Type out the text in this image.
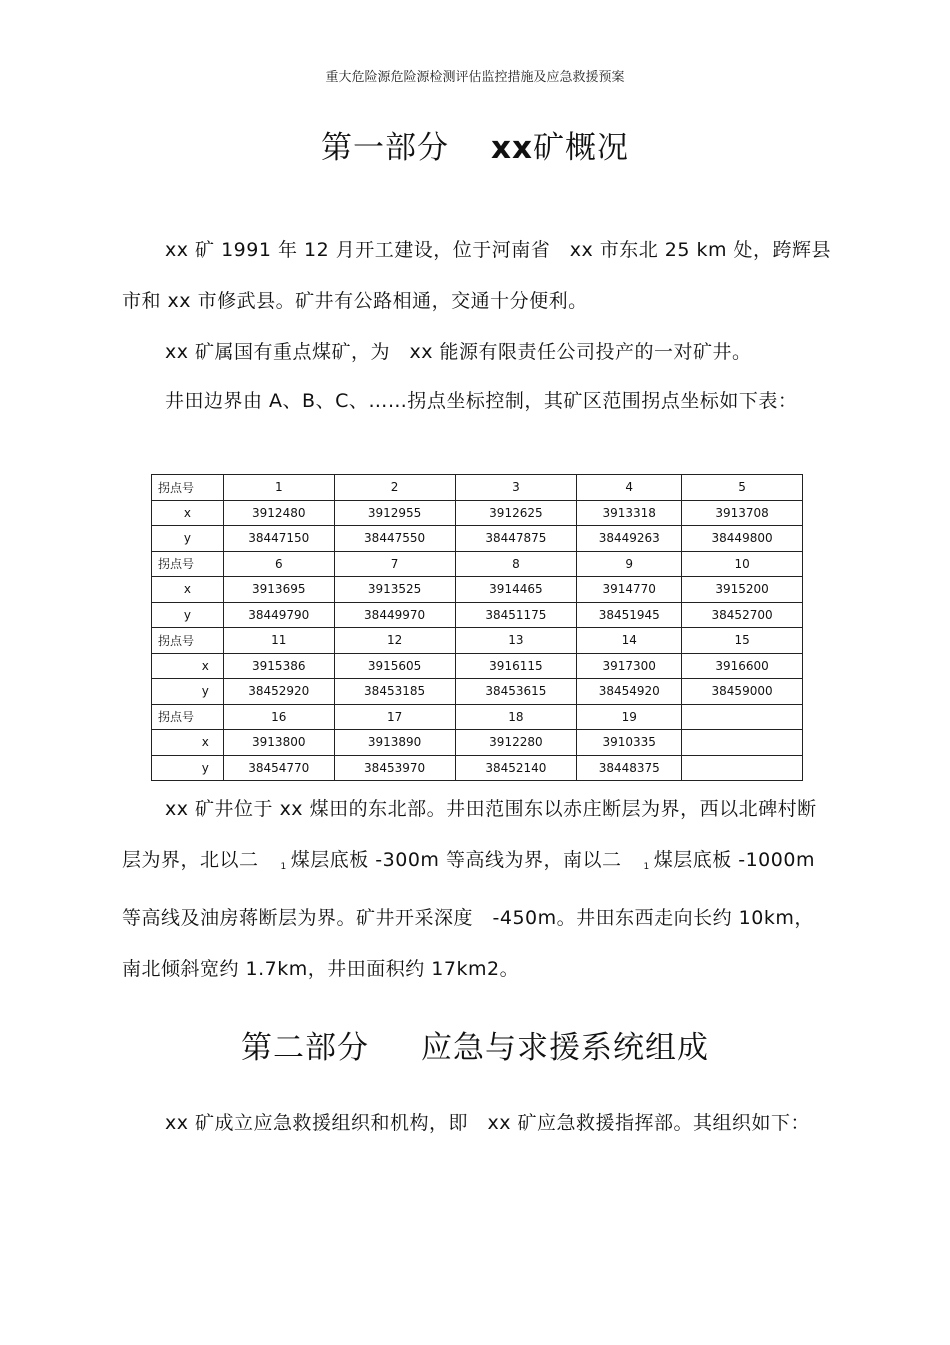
重大危险源危险源检测评估监控措施及应急救援预案
第一部分 xx矿概况

xx 矿 1991 年 12 月开工建设，位于河南省　xx 市东北 25 km 处，跨辉县市和 xx 市修武县。矿井有公路相通，交通十分便利。

xx 矿属国有重点煤矿，为　xx 能源有限责任公司投产的一对矿井。

井田边界由 A、B、C、……拐点坐标控制，其矿区范围拐点坐标如下表：

拐点号	1	2	3	4	5
x	3912480	3912955	3912625	3913318	3913708
y	38447150	38447550	38447875	38449263	38449800
拐点号	6	7	8	9	10
x	3913695	3913525	3914465	3914770	3915200
y	38449790	38449970	38451175	38451945	38452700
拐点号	11	12	13	14	15
x	3915386	3915605	3916115	3917300	3916600
y	38452920	38453185	38453615	38454920	38459000
拐点号	16	17	18	19	
x	3913800	3913890	3912280	3910335	
y	38454770	38453970	38452140	38448375	

xx 矿井位于 xx 煤田的东北部。井田范围东以赤庄断层为界，西以北碑村断层为界，北以二 $_1$ 煤层底板 -300m 等高线为界，南以二 $_1$ 煤层底板 -1000m 等高线及油房蒋断层为界。矿井开采深度　-450m。井田东西走向长约 10km，南北倾斜宽约 1.7km，井田面积约 17km2。

第二部分 应急与求援系统组成

xx 矿成立应急救援组织和机构，即　xx 矿应急救援指挥部。其组织如下：
